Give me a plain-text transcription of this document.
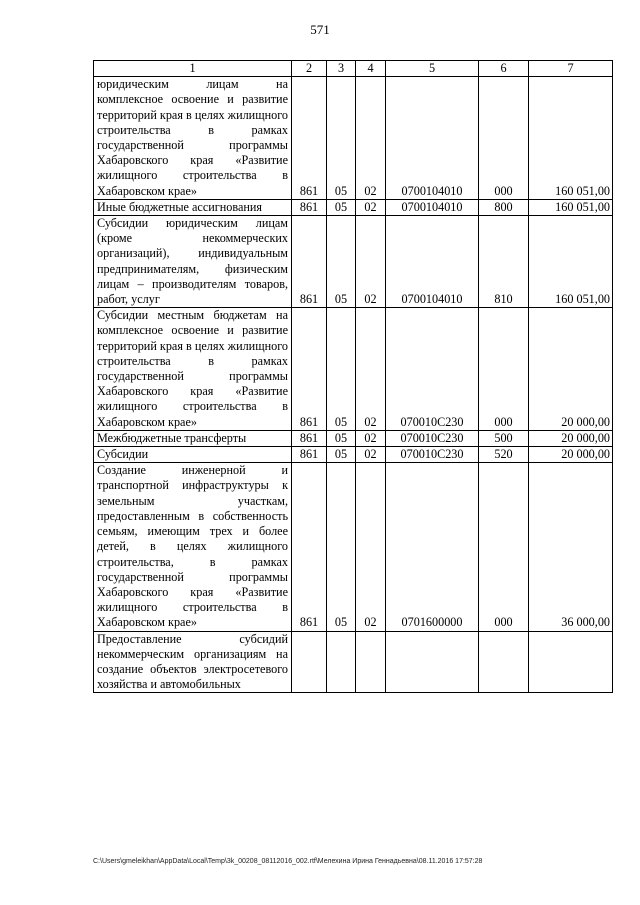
571
1	2	3	4	5	6	7
юридическим лицам на комплексное освоение и развитие территорий края в целях жилищного строительства в рамках государственной программы Хабаровского края «Развитие жилищного строительства в Хабаровском крае»	861	05	02	0700104010	000	160 051,00
Иные бюджетные ассигнования	861	05	02	0700104010	800	160 051,00
Субсидии юридическим лицам (кроме некоммерческих организаций), индивидуальным предпринимателям, физическим лицам – производителям товаров, работ, услуг	861	05	02	0700104010	810	160 051,00
Субсидии местным бюджетам на комплексное освоение и развитие территорий края в целях жилищного строительства в рамках государственной программы Хабаровского края «Развитие жилищного строительства в Хабаровском крае»	861	05	02	070010С230	000	20 000,00
Межбюджетные трансферты	861	05	02	070010С230	500	20 000,00
Субсидии	861	05	02	070010С230	520	20 000,00
Создание инженерной и транспортной инфраструктуры к земельным участкам, предоставленным в собственность семьям, имеющим трех и более детей, в целях жилищного строительства, в рамках государственной программы Хабаровского края «Развитие жилищного строительства в Хабаровском крае»	861	05	02	0701600000	000	36 000,00
Предоставление субсидий некоммерческим организациям на создание объектов электросетевого хозяйства и автомобильных						
C:\Users\gmeleikhan\AppData\Local\Temp\3k_00208_08112016_002.rtf\Мелехина Ирина Геннадьевна\08.11.2016 17:57:28
